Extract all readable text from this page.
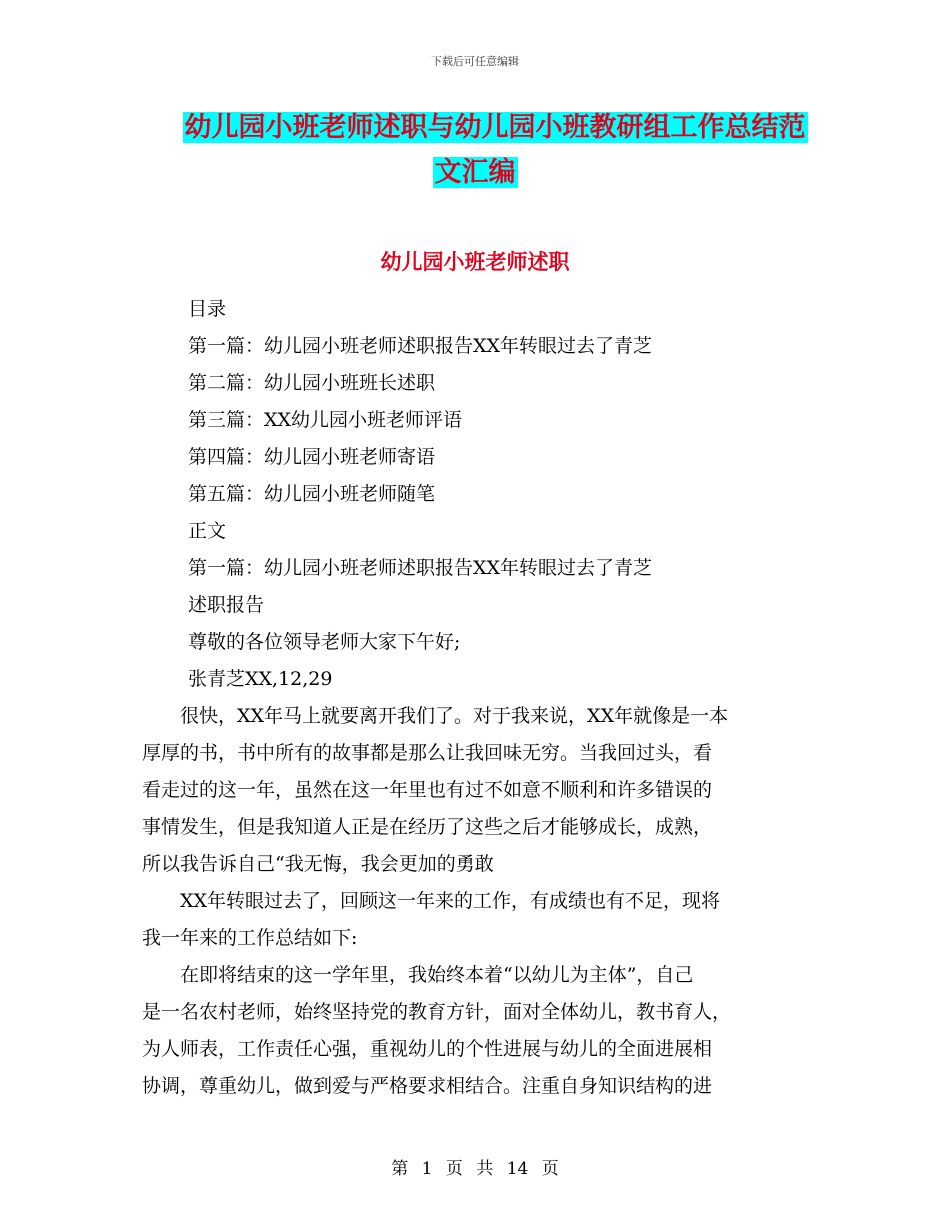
下载后可任意编辑
幼儿园小班老师述职与幼儿园小班教研组工作总结范
文汇编
幼儿园小班老师述职
目录
第一篇：幼儿园小班老师述职报告XX年转眼过去了青芝
第二篇：幼儿园小班班长述职
第三篇：XX幼儿园小班老师评语
第四篇：幼儿园小班老师寄语
第五篇：幼儿园小班老师随笔
正文
第一篇：幼儿园小班老师述职报告XX年转眼过去了青芝
述职报告
尊敬的各位领导老师大家下午好;
张青芝XX,12,29
　　很快，XX年马上就要离开我们了。对于我来说，XX年就像是一本
厚厚的书，书中所有的故事都是那么让我回味无穷。当我回过头，看
看走过的这一年，虽然在这一年里也有过不如意不顺利和许多错误的
事情发生，但是我知道人正是在经历了这些之后才能够成长，成熟，
所以我告诉自己“我无悔，我会更加的勇敢
　　XX年转眼过去了，回顾这一年来的工作，有成绩也有不足，现将
我一年来的工作总结如下:
　　在即将结束的这一学年里，我始终本着“以幼儿为主体”，自己
是一名农村老师，始终坚持党的教育方针，面对全体幼儿，教书育人，
为人师表，工作责任心强，重视幼儿的个性进展与幼儿的全面进展相
协调，尊重幼儿，做到爱与严格要求相结合。注重自身知识结构的进
第 1 页 共 14 页
